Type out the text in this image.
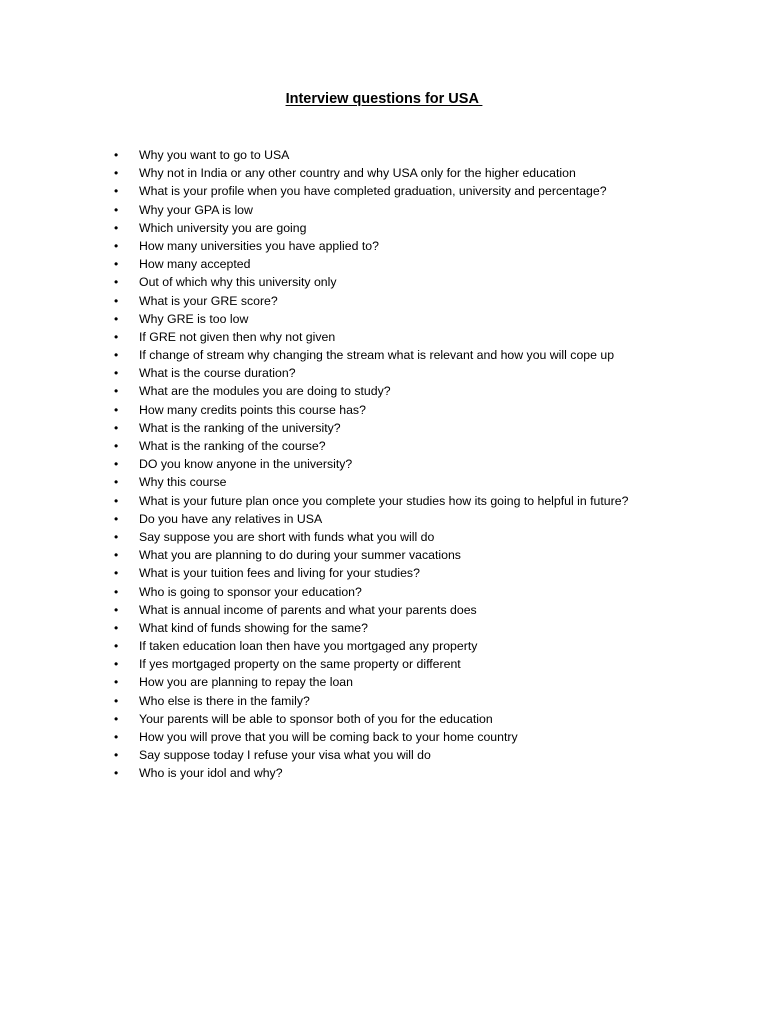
Interview questions for USA
•	Why you want to go to USA
•	Why not in India or any other country and why USA only for the higher education
•	What is your profile when you have completed graduation, university and percentage?
•	Why your GPA is low
•	Which university you are going
•	How many universities you have applied to?
•	How many accepted
•	Out of which why this university only
•	What is your GRE score?
•	Why GRE is too low
•	If GRE not given then why not given
•	If change of stream why changing the stream what is relevant and how you will cope up
•	What is the course duration?
•	What are the modules you are doing to study?
•	How many credits points this course has?
•	What is the ranking of the university?
•	What is the ranking of the course?
•	DO you know anyone in the university?
•	Why this course
•	What is your future plan once you complete your studies how its going to helpful in future?
•	Do you have any relatives in USA
•	Say suppose you are short with funds what you will do
•	What you are planning to do during your summer vacations
•	What is your tuition fees and living for your studies?
•	Who is going to sponsor your education?
•	What is annual income of parents and what your parents does
•	What kind of funds showing for the same?
•	If taken education loan then have you mortgaged any property
•	If yes mortgaged property on the same property or different
•	How you are planning to repay the loan
•	Who else is there in the family?
•	Your parents will be able to sponsor both of you for the education
•	How you will prove that you will be coming back to your home country
•	Say suppose today I refuse your visa what you will do
•	Who is your idol and why?
